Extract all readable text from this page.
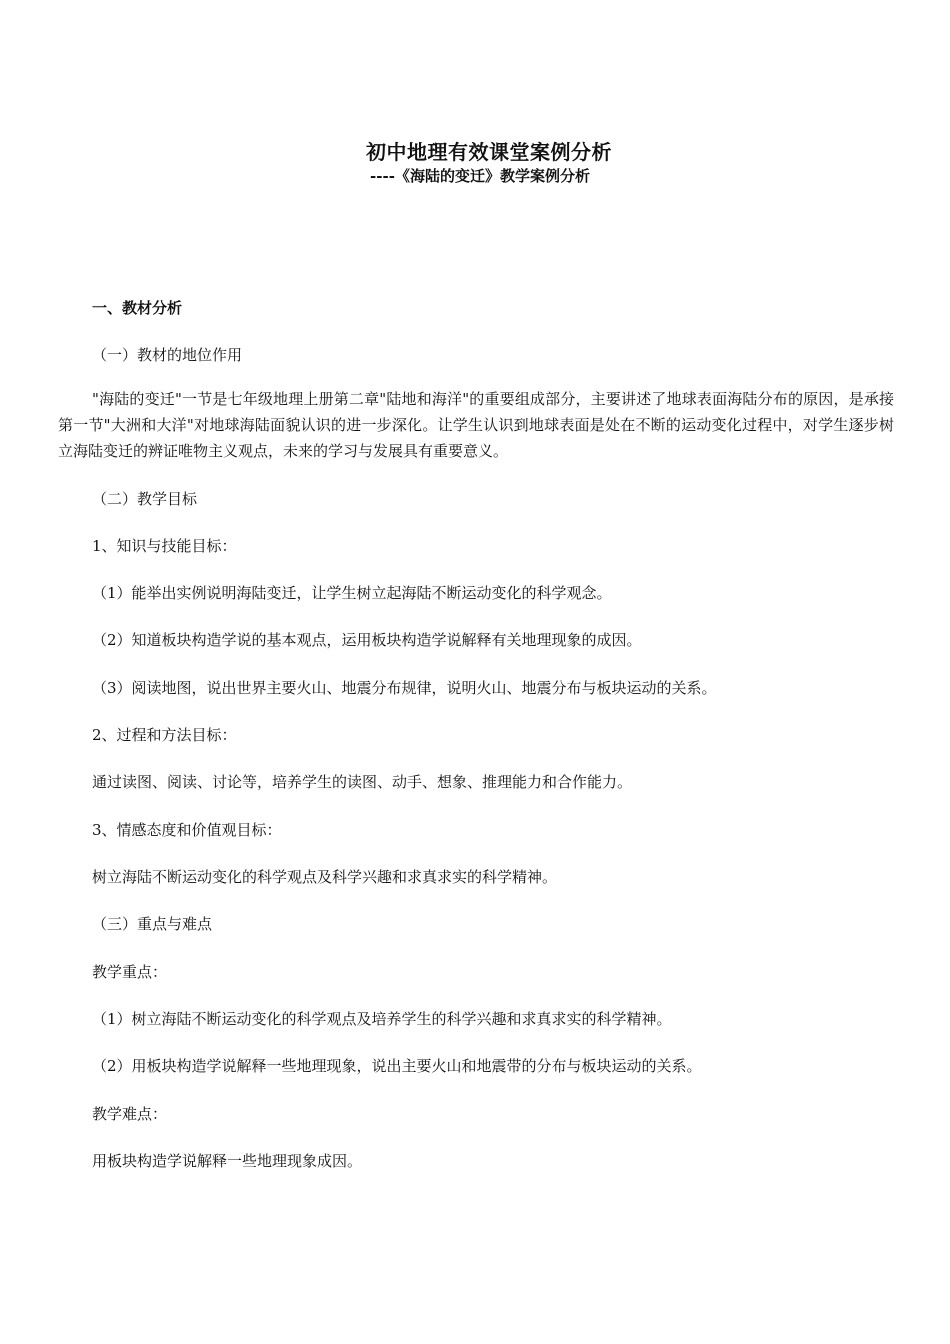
初中地理有效课堂案例分析
----《海陆的变迁》教学案例分析
一、教材分析
（一）教材的地位作用
"海陆的变迁"一节是七年级地理上册第二章"陆地和海洋"的重要组成部分，主要讲述了地球表面海陆分布的原因，是承接第一节"大洲和大洋"对地球海陆面貌认识的进一步深化。让学生认识到地球表面是处在不断的运动变化过程中，对学生逐步树立海陆变迁的辨证唯物主义观点，未来的学习与发展具有重要意义。
（二）教学目标
1、知识与技能目标：
（1）能举出实例说明海陆变迁，让学生树立起海陆不断运动变化的科学观念。
（2）知道板块构造学说的基本观点，运用板块构造学说解释有关地理现象的成因。
（3）阅读地图，说出世界主要火山、地震分布规律，说明火山、地震分布与板块运动的关系。
2、过程和方法目标：
通过读图、阅读、讨论等，培养学生的读图、动手、想象、推理能力和合作能力。
3、情感态度和价值观目标：
树立海陆不断运动变化的科学观点及科学兴趣和求真求实的科学精神。
（三）重点与难点
教学重点：
（1）树立海陆不断运动变化的科学观点及培养学生的科学兴趣和求真求实的科学精神。
（2）用板块构造学说解释一些地理现象，说出主要火山和地震带的分布与板块运动的关系。
教学难点：
用板块构造学说解释一些地理现象成因。
